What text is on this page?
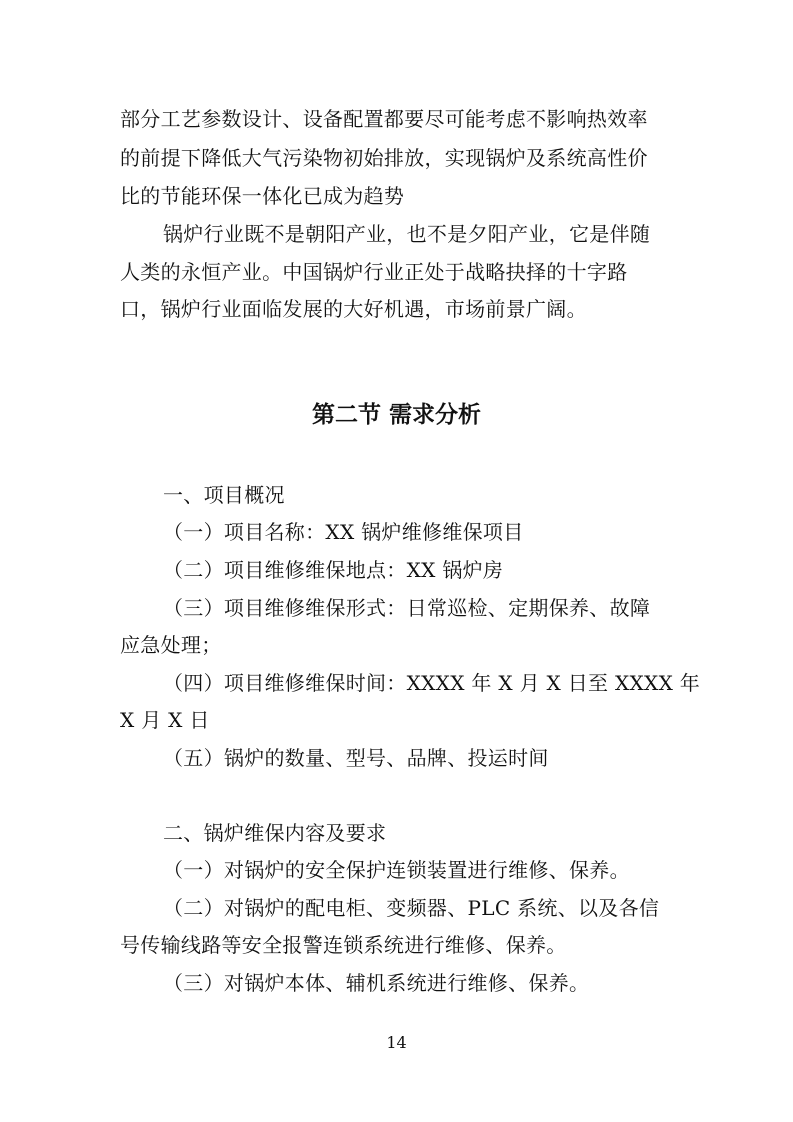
部分工艺参数设计、设备配置都要尽可能考虑不影响热效率
的前提下降低大气污染物初始排放，实现锅炉及系统高性价
比的节能环保一体化已成为趋势
锅炉行业既不是朝阳产业，也不是夕阳产业，它是伴随
人类的永恒产业。中国锅炉行业正处于战略抉择的十字路
口，锅炉行业面临发展的大好机遇，市场前景广阔。
第二节 需求分析
一、项目概况
（一）项目名称：XX 锅炉维修维保项目
（二）项目维修维保地点：XX 锅炉房
（三）项目维修维保形式：日常巡检、定期保养、故障
应急处理；
（四）项目维修维保时间：XXXX 年 X 月 X 日至 XXXX 年
X 月 X 日
（五）锅炉的数量、型号、品牌、投运时间
二、锅炉维保内容及要求
（一）对锅炉的安全保护连锁装置进行维修、保养。
（二）对锅炉的配电柜、变频器、PLC 系统、以及各信
号传输线路等安全报警连锁系统进行维修、保养。
（三）对锅炉本体、辅机系统进行维修、保养。
14
